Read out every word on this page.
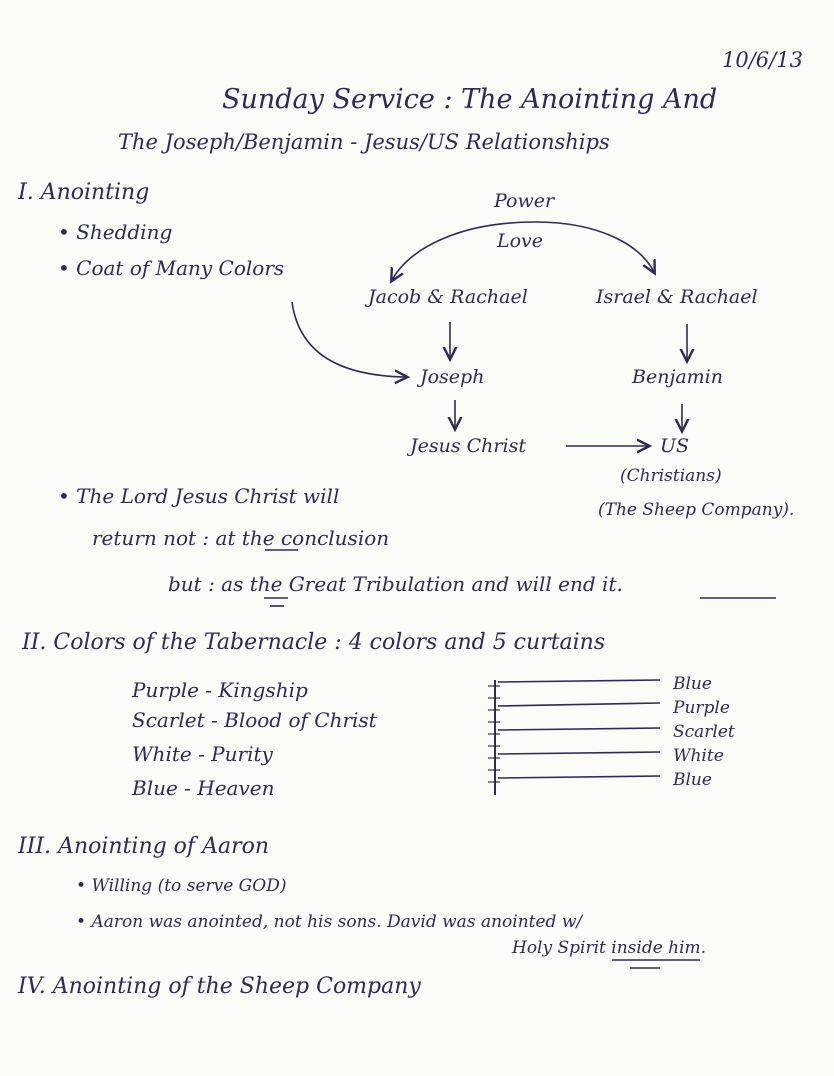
10/6/13
Sunday Service : The Anointing And
The Joseph/Benjamin - Jesus/US Relationships
I. Anointing
• Shedding
• Coat of Many Colors
Power
Love
Jacob & Rachael	Israel & Rachael
Joseph	Benjamin
Jesus Christ	US
(Christians)
(The Sheep Company).
• The Lord Jesus Christ will
return not : at the conclusion
but : as the Great Tribulation and will end it.
II. Colors of the Tabernacle : 4 colors and 5 curtains
Purple - Kingship
Scarlet - Blood of Christ
White - Purity
Blue - Heaven
Blue
Purple
Scarlet
White
Blue
III. Anointing of Aaron
• Willing (to serve GOD)
• Aaron was anointed, not his sons. David was anointed w/
Holy Spirit inside him.
IV. Anointing of the Sheep Company
